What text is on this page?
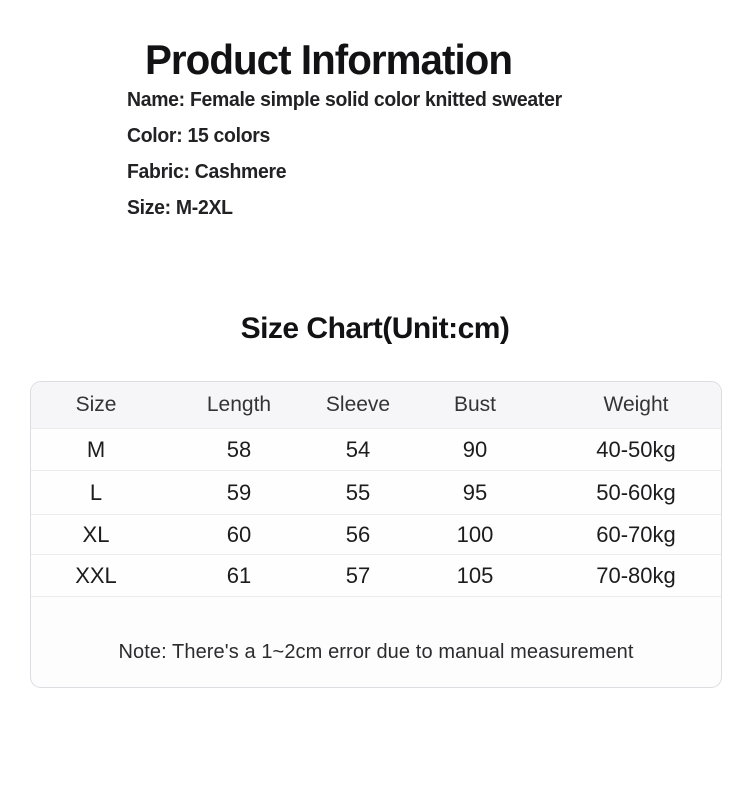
Product Information
Name: Female simple solid color knitted sweater
Color: 15 colors
Fabric: Cashmere
Size: M-2XL
Size Chart(Unit:cm)
Size	Length	Sleeve	Bust	Weight
M	58	54	90	40-50kg
L	59	55	95	50-60kg
XL	60	56	100	60-70kg
XXL	61	57	105	70-80kg
Note: There's a 1~2cm error due to manual measurement
